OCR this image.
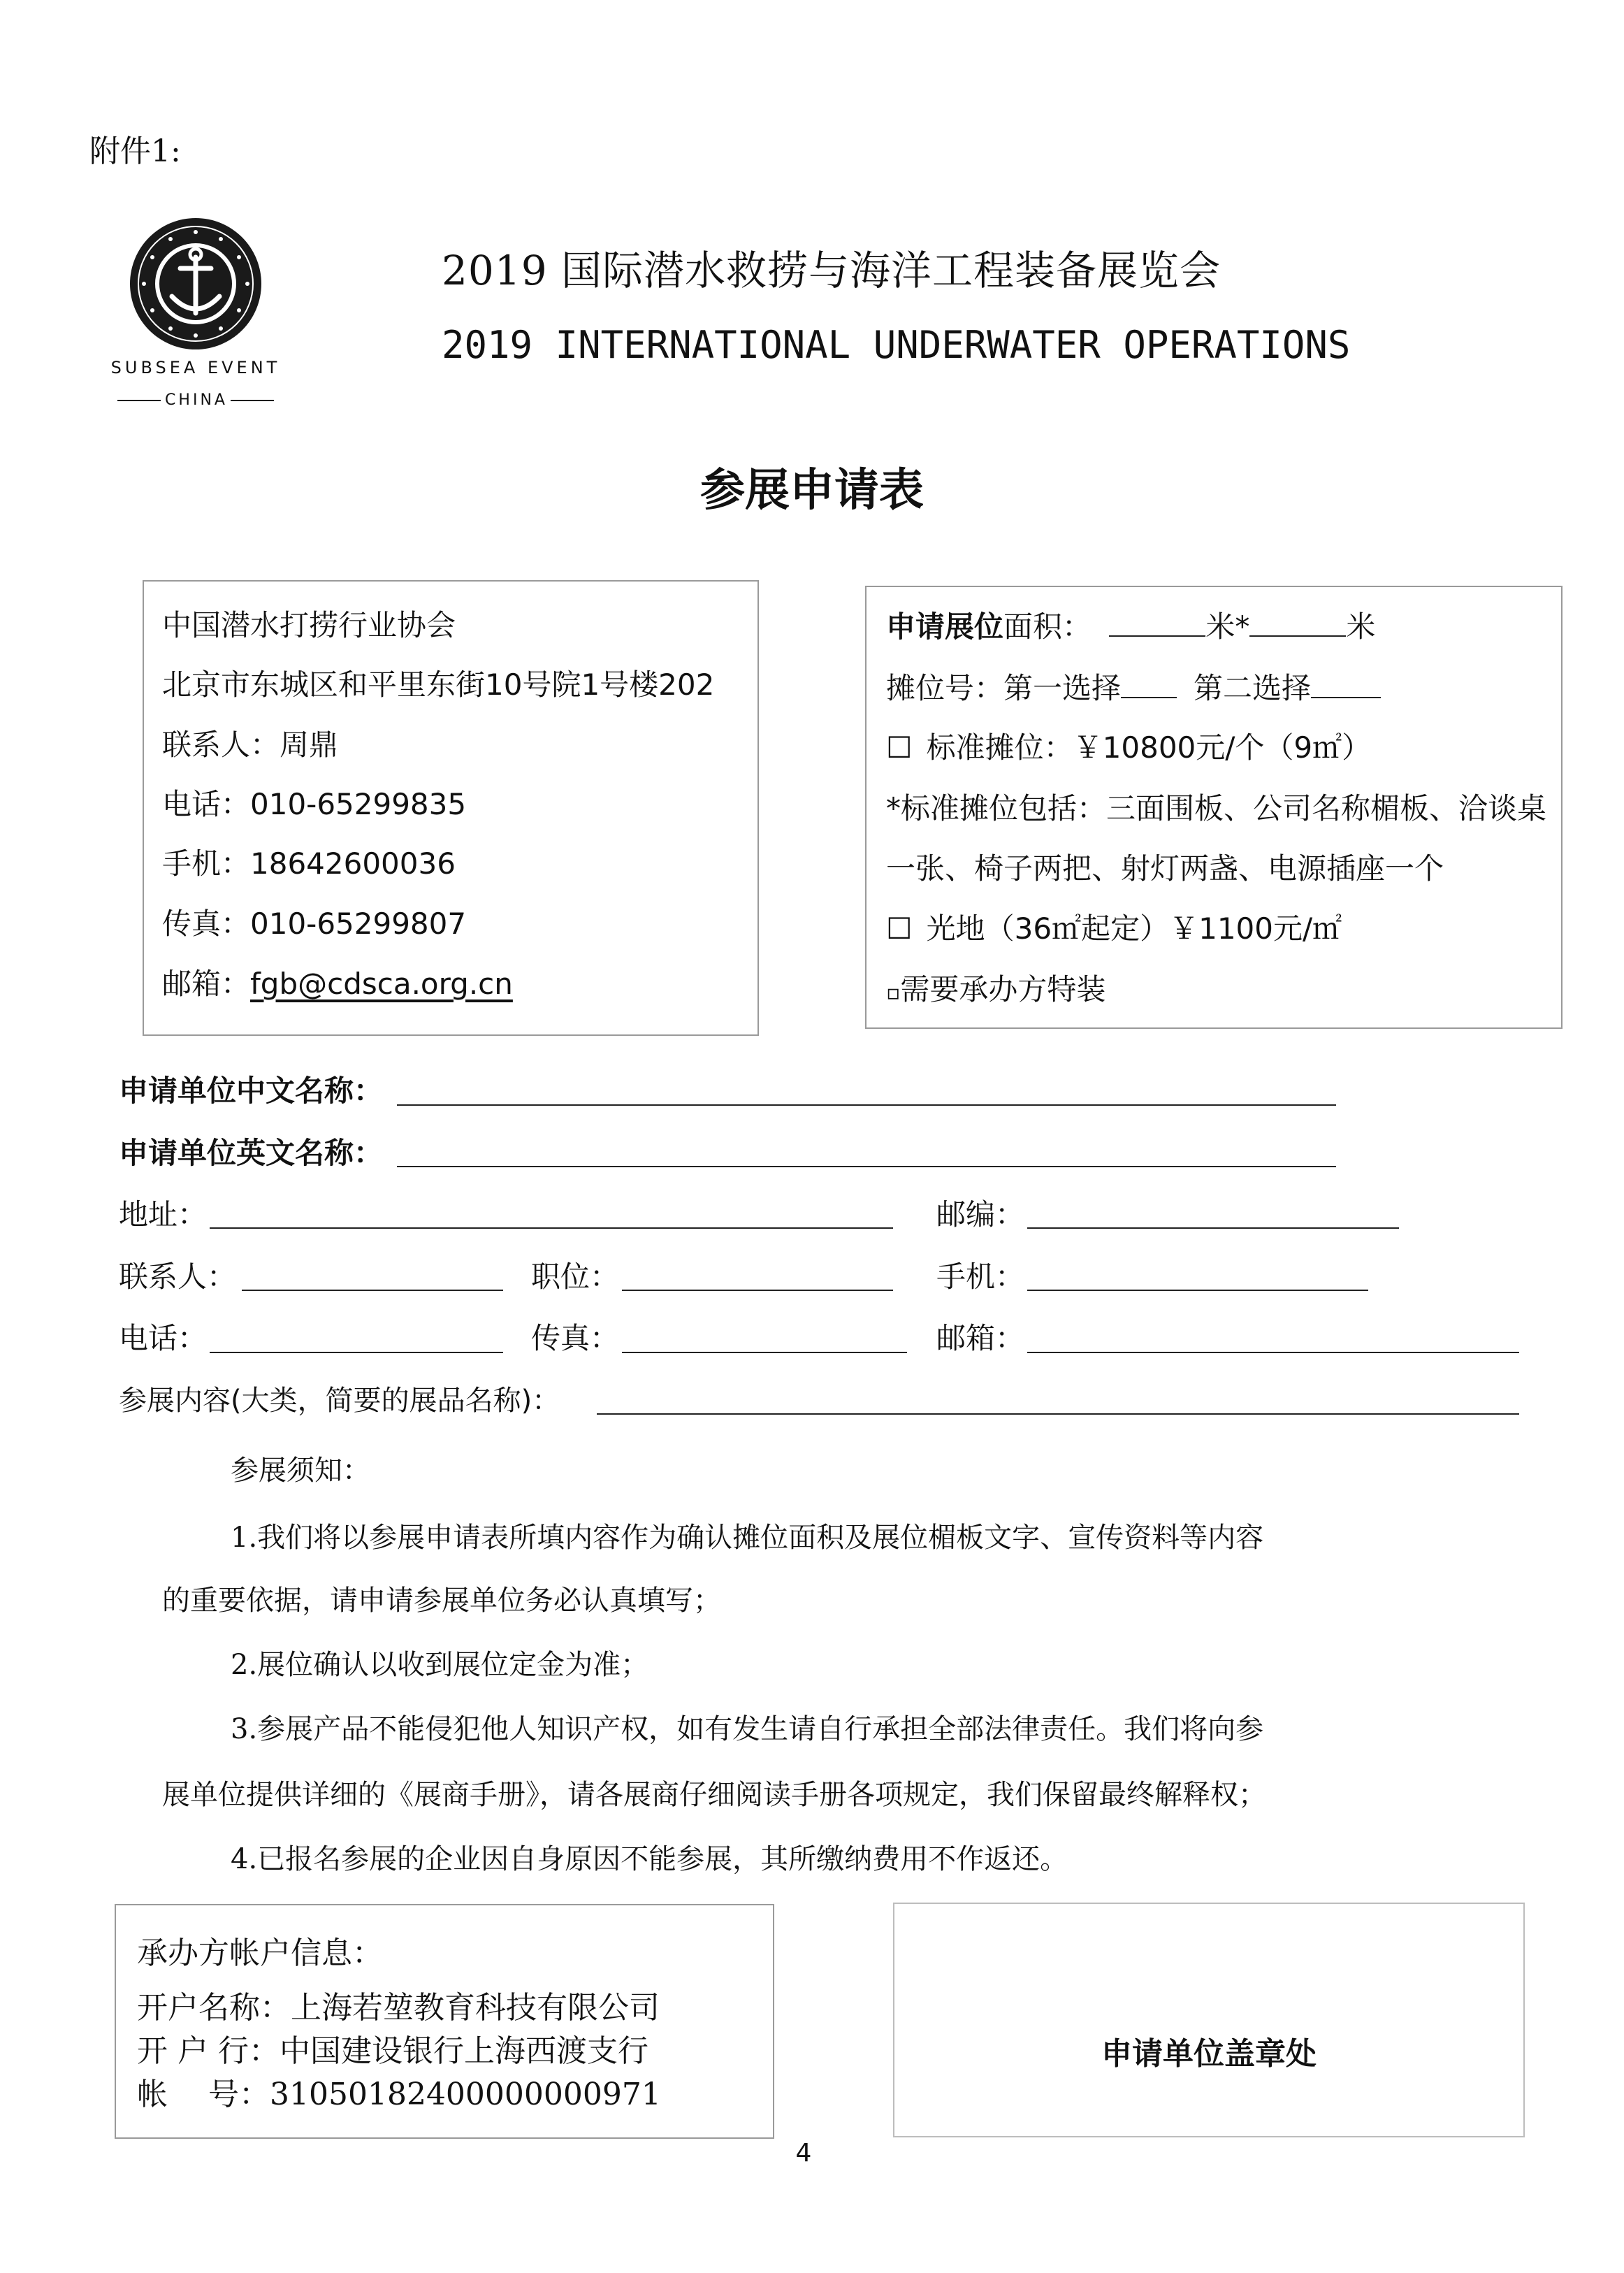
附件1:
SUBSEA EVENT
CHINA
2019 国际潜水救捞与海洋工程装备展览会
2019 INTERNATIONAL UNDERWATER OPERATIONS
参展申请表
中国潜水打捞行业协会
北京市东城区和平里东街10号院1号楼202
联系人：周鼎
电话：010-65299835
手机：18642600036
传真：010-65299807
邮箱：fgb@cdsca.org.cn
申请展位面积：	米*	米
摊位号：第一选择 第二选择
☐ 标准摊位：￥10800元/个（9㎡）
*标准摊位包括：三面围板、公司名称楣板、洽谈桌
一张、椅子两把、射灯两盏、电源插座一个
☐ 光地（36㎡起定）￥1100元/㎡
▫需要承办方特装
申请单位中文名称：
申请单位英文名称：
地址：	邮编：
联系人：	职位：	手机：
电话：	传真：	邮箱：
参展内容(大类，简要的展品名称)：
参展须知：
1.我们将以参展申请表所填内容作为确认摊位面积及展位楣板文字、宣传资料等内容
的重要依据，请申请参展单位务必认真填写；
2.展位确认以收到展位定金为准；
3.参展产品不能侵犯他人知识产权，如有发生请自行承担全部法律责任。我们将向参
展单位提供详细的《展商手册》，请各展商仔细阅读手册各项规定，我们保留最终解释权；
4.已报名参展的企业因自身原因不能参展，其所缴纳费用不作返还。
承办方帐户信息：
开户名称：上海若堃教育科技有限公司
开 户 行：中国建设银行上海西渡支行
帐　 号：31050182400000000971
申请单位盖章处
4
